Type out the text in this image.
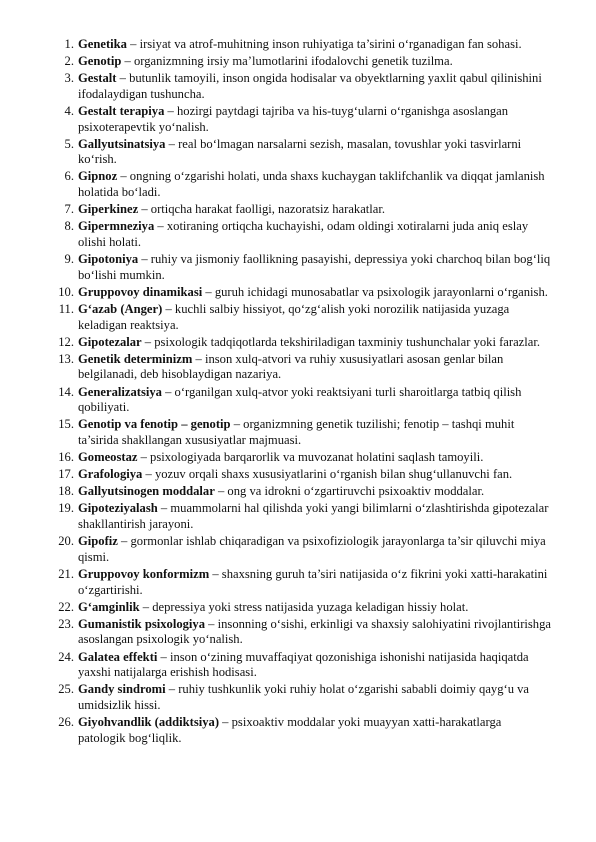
1. Genetika – irsiyat va atrof-muhitning inson ruhiyatiga ta’sirini o‘rganadigan fan sohasi.
2. Genotip – organizmning irsiy ma’lumotlarini ifodalovchi genetik tuzilma.
3. Gestalt – butunlik tamoyili, inson ongida hodisalar va obyektlarning yaxlit qabul qilinishini ifodalaydigan tushuncha.
4. Gestalt terapiya – hozirgi paytdagi tajriba va his-tuyg‘ularni o‘rganishga asoslangan psixoterapevtik yo‘nalish.
5. Gallyutsinatsiya – real bo‘lmagan narsalarni sezish, masalan, tovushlar yoki tasvirlarni ko‘rish.
6. Gipnoz – ongning o‘zgarishi holati, unda shaxs kuchaygan taklifchanlik va diqqat jamlanish holatida bo‘ladi.
7. Giperkinez – ortiqcha harakat faolligi, nazoratsiz harakatlar.
8. Gipermneziya – xotiraning ortiqcha kuchayishi, odam oldingi xotiralarni juda aniq eslay olishi holati.
9. Gipotoniya – ruhiy va jismoniy faollikning pasayishi, depressiya yoki charchoq bilan bog‘liq bo‘lishi mumkin.
10. Gruppovoy dinamikasi – guruh ichidagi munosabatlar va psixologik jarayonlarni o‘rganish.
11. G‘azab (Anger) – kuchli salbiy hissiyot, qo‘zg‘alish yoki norozilik natijasida yuzaga keladigan reaktsiya.
12. Gipotezalar – psixologik tadqiqotlarda tekshiriladigan taxminiy tushunchalar yoki farazlar.
13. Genetik determinizm – inson xulq-atvori va ruhiy xususiyatlari asosan genlar bilan belgilanadi, deb hisoblaydigan nazariya.
14. Generalizatsiya – o‘rganilgan xulq-atvor yoki reaktsiyani turli sharoitlarga tatbiq qilish qobiliyati.
15. Genotip va fenotip – genotip – organizmning genetik tuzilishi; fenotip – tashqi muhit ta’sirida shakllangan xususiyatlar majmuasi.
16. Gomeostaz – psixologiyada barqarorlik va muvozanat holatini saqlash tamoyili.
17. Grafologiya – yozuv orqali shaxs xususiyatlarini o‘rganish bilan shug‘ullanuvchi fan.
18. Gallyutsinogen moddalar – ong va idrokni o‘zgartiruvchi psixoaktiv moddalar.
19. Gipoteziyalash – muammolarni hal qilishda yoki yangi bilimlarni o‘zlashtirishda gipotezalar shakllantirish jarayoni.
20. Gipofiz – gormonlar ishlab chiqaradigan va psixofiziologik jarayonlarga ta’sir qiluvchi miya qismi.
21. Gruppovoy konformizm – shaxsning guruh ta’siri natijasida o‘z fikrini yoki xatti-harakatini o‘zgartirishi.
22. G‘amginlik – depressiya yoki stress natijasida yuzaga keladigan hissiy holat.
23. Gumanistik psixologiya – insonning o‘sishi, erkinligi va shaxsiy salohiyatini rivojlantirishga asoslangan psixologik yo‘nalish.
24. Galatea effekti – inson o‘zining muvaffaqiyat qozonishiga ishonishi natijasida haqiqatda yaxshi natijalarga erishish hodisasi.
25. Gandy sindromi – ruhiy tushkunlik yoki ruhiy holat o‘zgarishi sababli doimiy qayg‘u va umidsizlik hissi.
26. Giyohvandlik (addiktsiya) – psixoaktiv moddalar yoki muayyan xatti-harakatlarga patologik bog‘liqlik.
